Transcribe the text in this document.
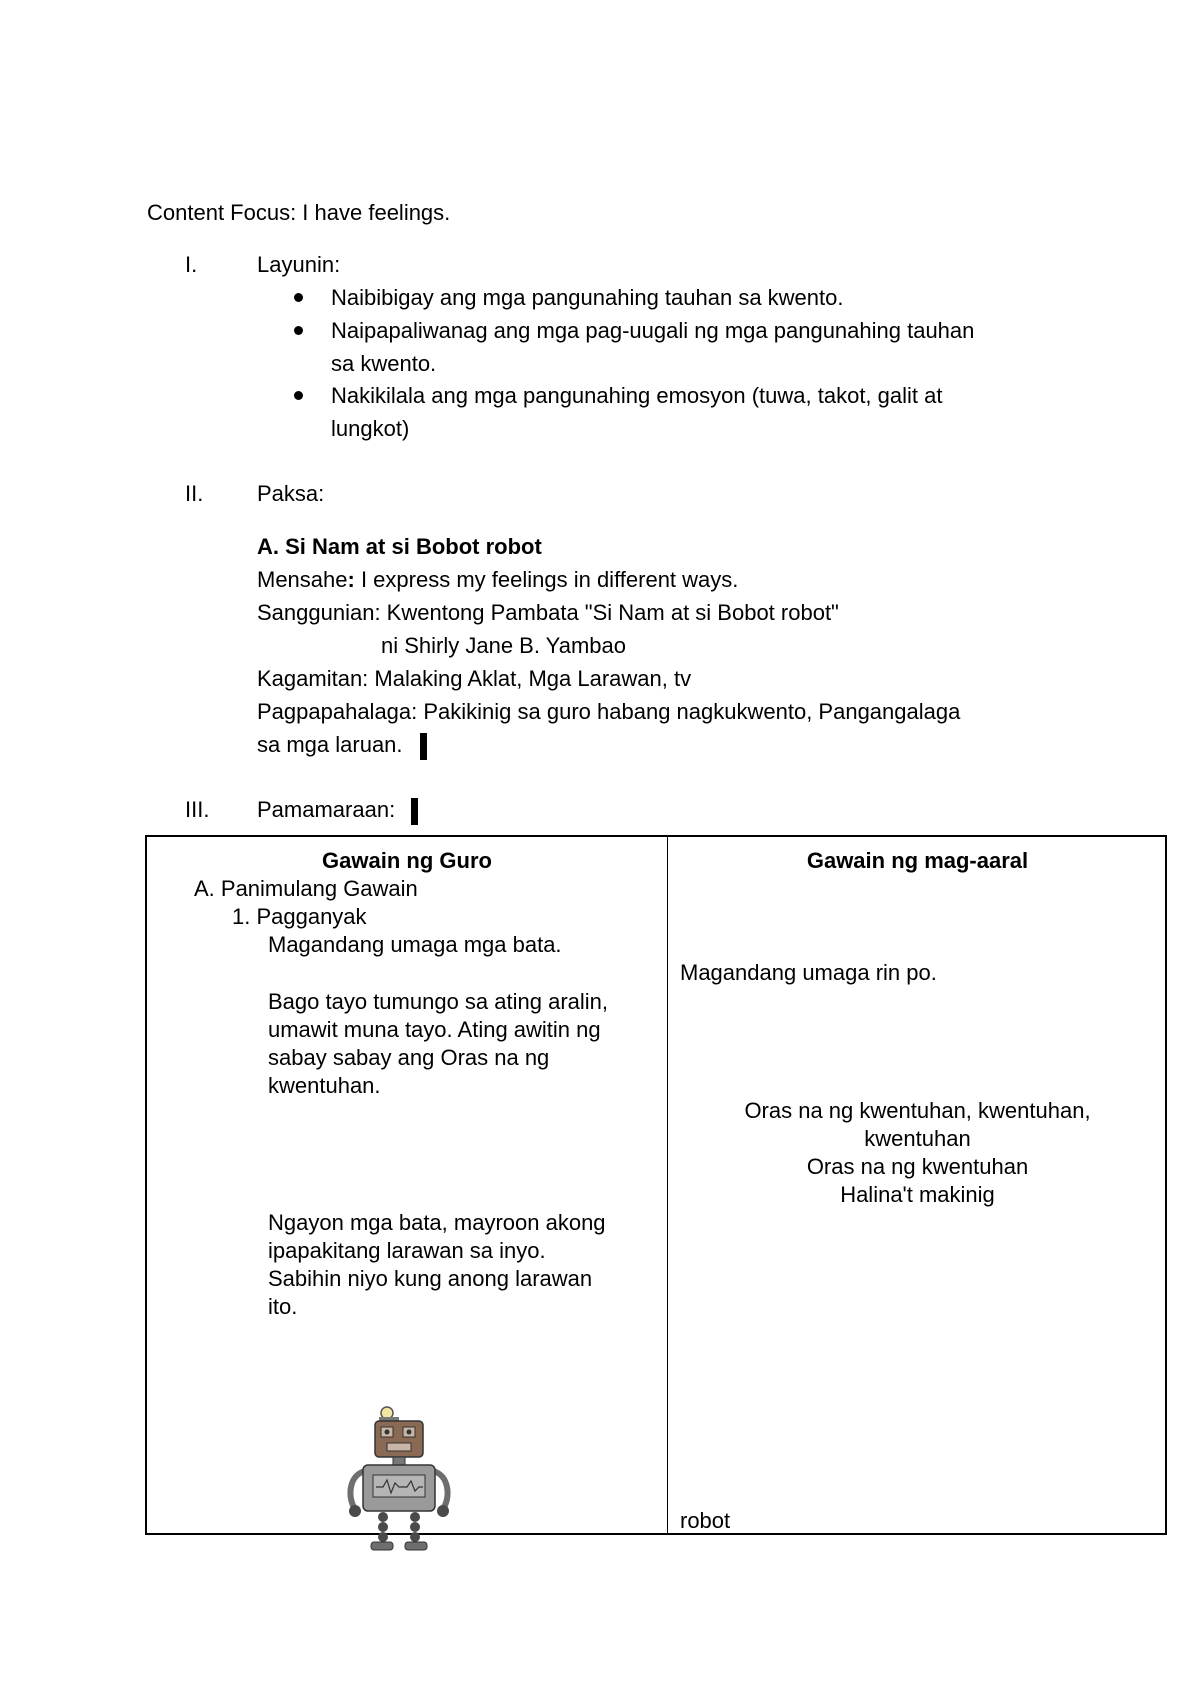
Content Focus: I have feelings.
I.	Layunin:
Naibibigay ang mga pangunahing tauhan sa kwento.
Naipapaliwanag ang mga pag-uugali ng mga pangunahing tauhan
sa kwento.
Nakikilala ang mga pangunahing emosyon (tuwa, takot, galit at
lungkot)
II. Paksa:
A. Si Nam at si Bobot robot
Mensahe: I express my feelings in different ways.
Sanggunian: Kwentong Pambata "Si Nam at si Bobot robot"
ni Shirly Jane B. Yambao
Kagamitan: Malaking Aklat, Mga Larawan, tv
Pagpapahalaga: Pakikinig sa guro habang nagkukwento, Pangangalaga
sa mga laruan.
III. Pamamaraan:
Gawain ng Guro
A. Panimulang Gawain
1. Pagganyak
Magandang umaga mga bata.
Bago tayo tumungo sa ating aralin,
umawit muna tayo. Ating awitin ng
sabay sabay ang Oras na ng
kwentuhan.
Ngayon mga bata, mayroon akong
ipapakitang larawan sa inyo.
Sabihin niyo kung anong larawan
ito.
Gawain ng mag-aaral
Magandang umaga rin po.
Oras na ng kwentuhan, kwentuhan,
kwentuhan
Oras na ng kwentuhan
Halina't makinig
robot
